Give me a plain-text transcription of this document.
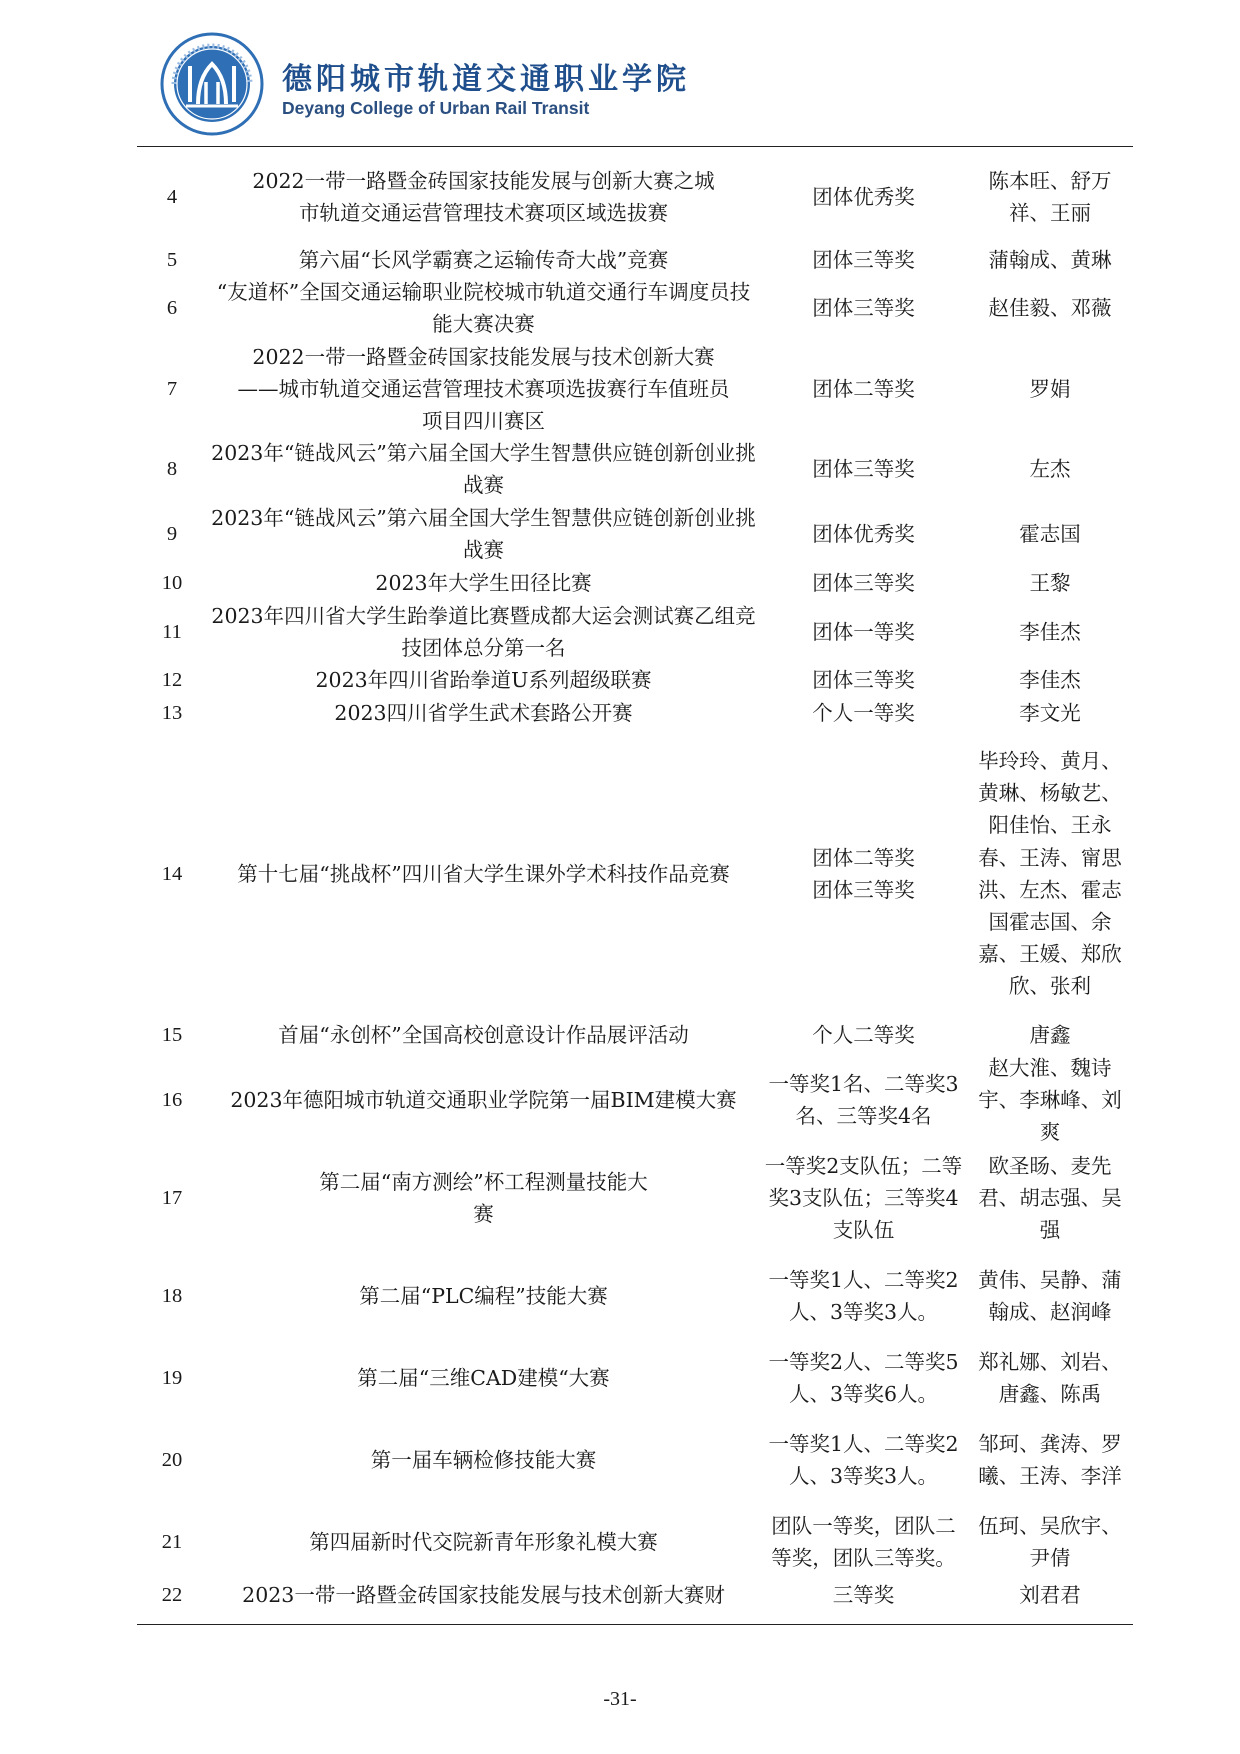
德阳城市轨道交通职业学院
Deyang College of Urban Rail Transit
4	2022一带一路暨金砖国家技能发展与创新大赛之城市轨道交通运营管理技术赛项区域选拔赛	团体优秀奖	陈本旺、舒万祥、王丽
5	第六届“长风学霸赛之运输传奇大战”竞赛	团体三等奖	蒲翰成、黄琳
6	“友道杯”全国交通运输职业院校城市轨道交通行车调度员技能大赛决赛	团体三等奖	赵佳毅、邓薇
7	2022一带一路暨金砖国家技能发展与技术创新大赛——城市轨道交通运营管理技术赛项选拔赛行车值班员项目四川赛区	团体二等奖	罗娟
8	2023年“链战风云”第六届全国大学生智慧供应链创新创业挑战赛	团体三等奖	左杰
9	2023年“链战风云”第六届全国大学生智慧供应链创新创业挑战赛	团体优秀奖	霍志国
10	2023年大学生田径比赛	团体三等奖	王黎
11	2023年四川省大学生跆拳道比赛暨成都大运会测试赛乙组竞技团体总分第一名	团体一等奖	李佳杰
12	2023年四川省跆拳道U系列超级联赛	团体三等奖	李佳杰
13	2023四川省学生武术套路公开赛	个人一等奖	李文光
14	第十七届“挑战杯”四川省大学生课外学术科技作品竞赛	团体二等奖 团体三等奖	毕玲玲、黄月、黄琳、杨敏艺、阳佳怡、王永春、王涛、甯思洪、左杰、霍志国霍志国、余嘉、王媛、郑欣欣、张利
15	首届“永创杯”全国高校创意设计作品展评活动	个人二等奖	唐鑫
16	2023年德阳城市轨道交通职业学院第一届BIM建模大赛	一等奖1名、二等奖3名、三等奖4名	赵大淮、魏诗宇、李琳峰、刘爽
17	第二届“南方测绘”杯工程测量技能大赛	一等奖2支队伍；二等奖3支队伍；三等奖4支队伍	欧圣旸、麦先君、胡志强、吴强
18	第二届“PLC编程”技能大赛	一等奖1人、二等奖2人、3等奖3人。	黄伟、吴静、蒲翰成、赵润峰
19	第二届“三维CAD建模“大赛	一等奖2人、二等奖5人、3等奖6人。	郑礼娜、刘岩、唐鑫、陈禹
20	第一届车辆检修技能大赛	一等奖1人、二等奖2人、3等奖3人。	邹珂、龚涛、罗曦、王涛、李洋
21	第四届新时代交院新青年形象礼模大赛	团队一等奖，团队二等奖，团队三等奖。	伍珂、吴欣宇、尹倩
22	2023一带一路暨金砖国家技能发展与技术创新大赛财	三等奖	刘君君
-31-
